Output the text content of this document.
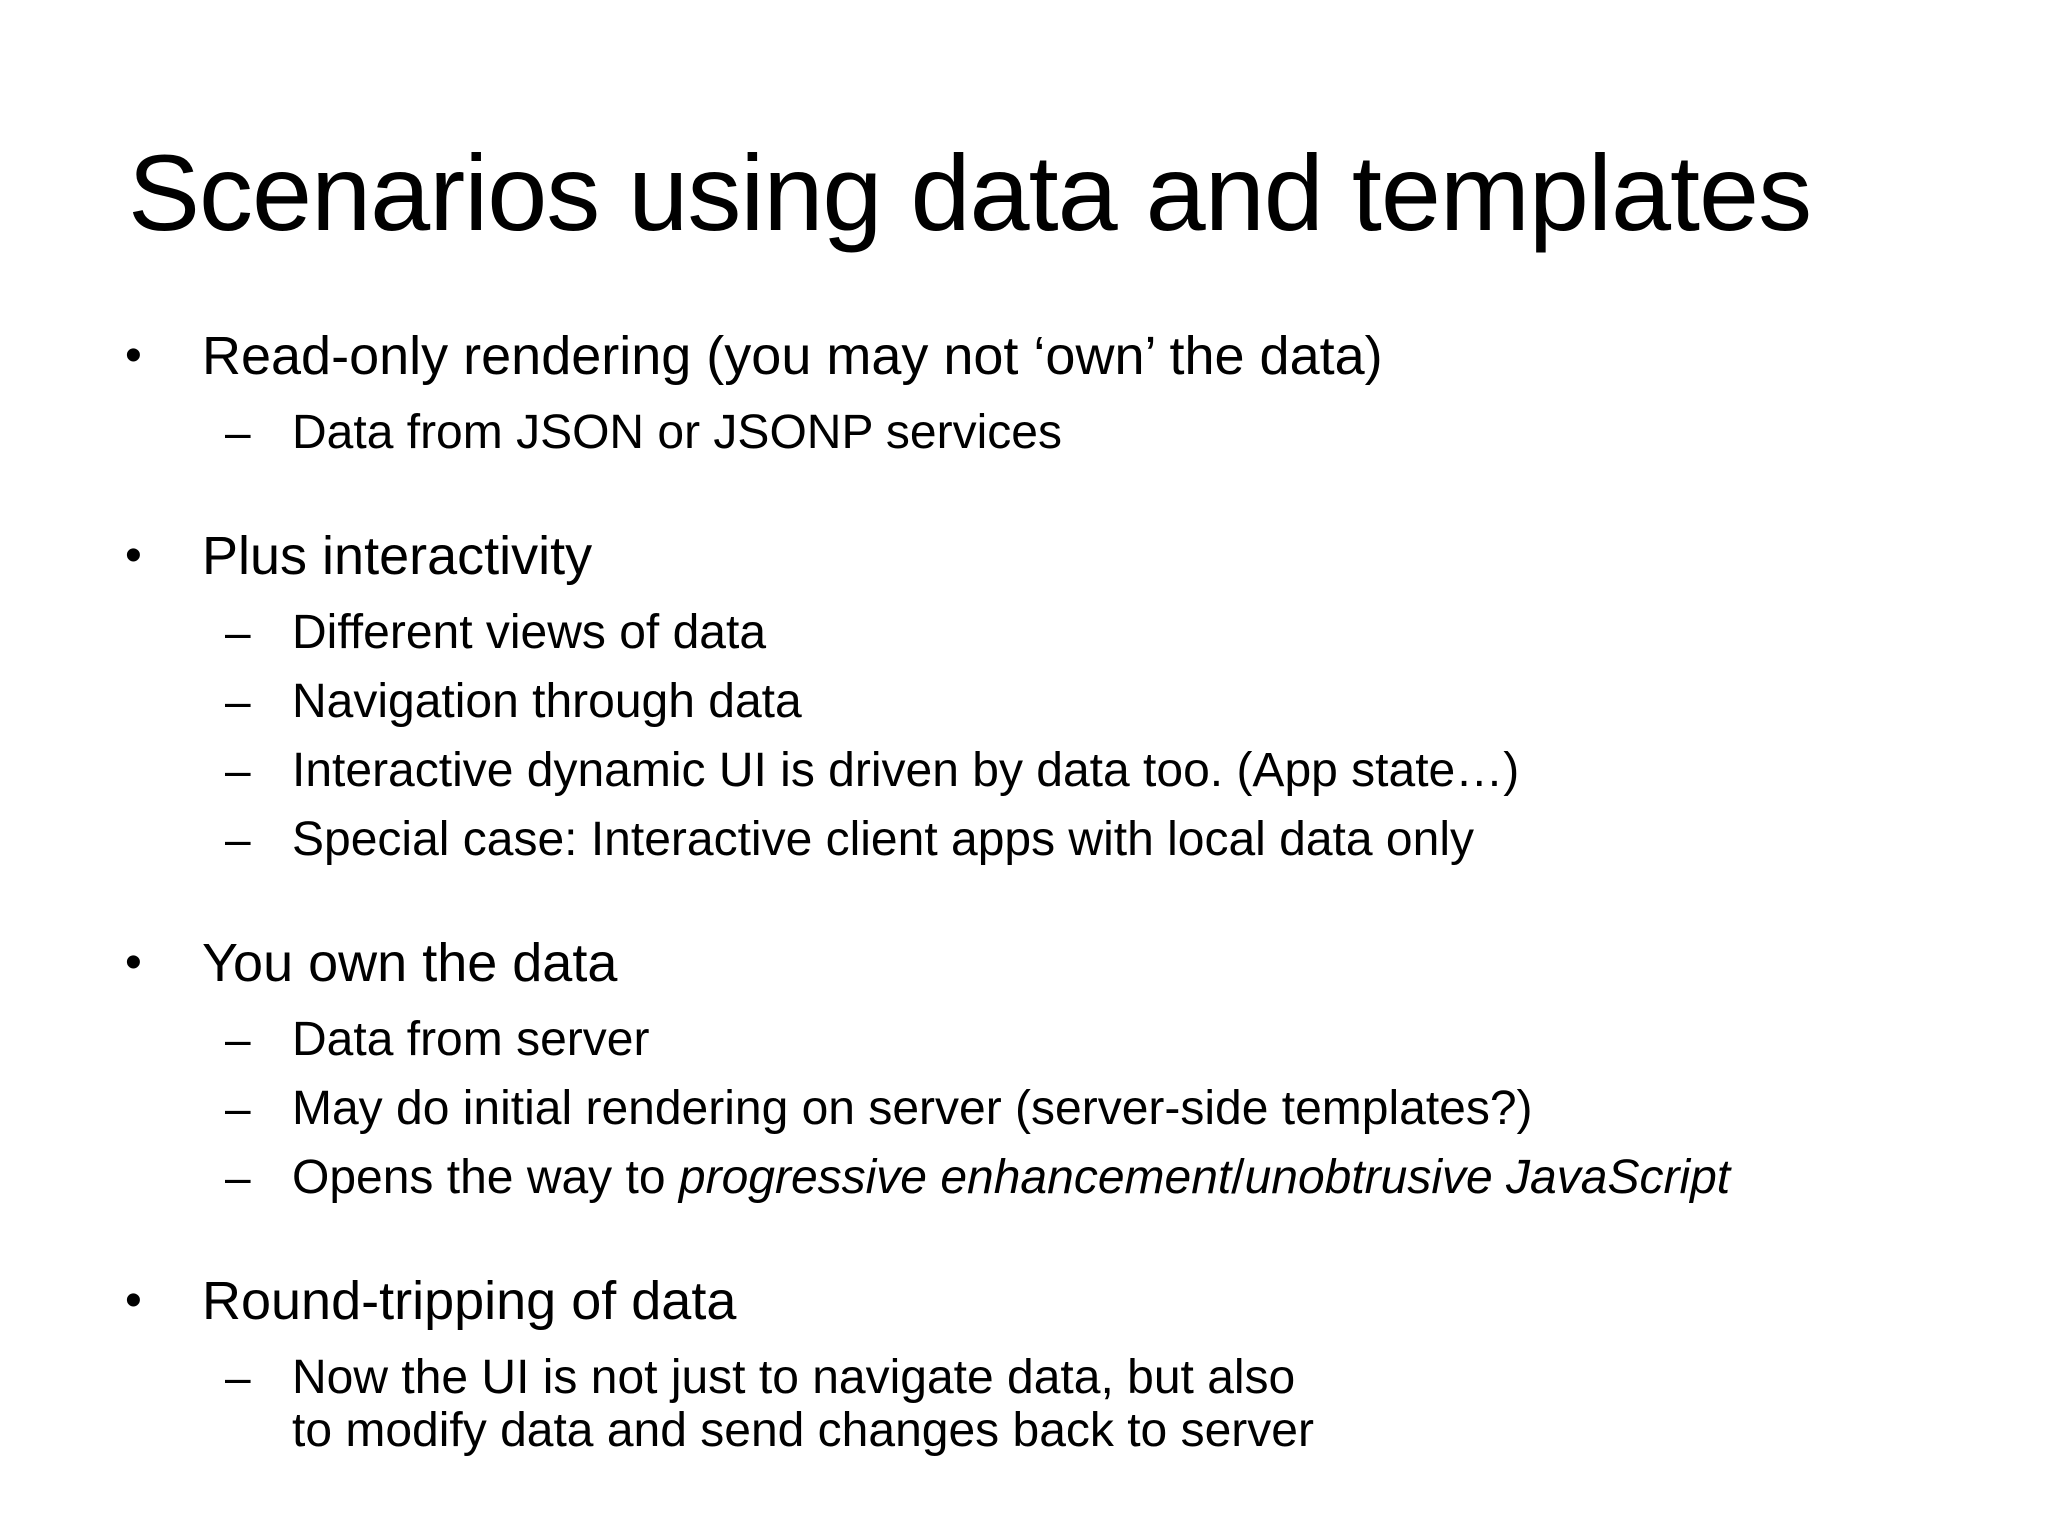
Scenarios using data and templates
• Read-only rendering (you may not ‘own’ the data)
– Data from JSON or JSONP services
• Plus interactivity
– Different views of data
– Navigation through data
– Interactive dynamic UI is driven by data too. (App state…)
– Special case: Interactive client apps with local data only
• You own the data
– Data from server
– May do initial rendering on server (server-side templates?)
– Opens the way to progressive enhancement/unobtrusive JavaScript
• Round-tripping of data
– Now the UI is not just to navigate data, but also
to modify data and send changes back to server
